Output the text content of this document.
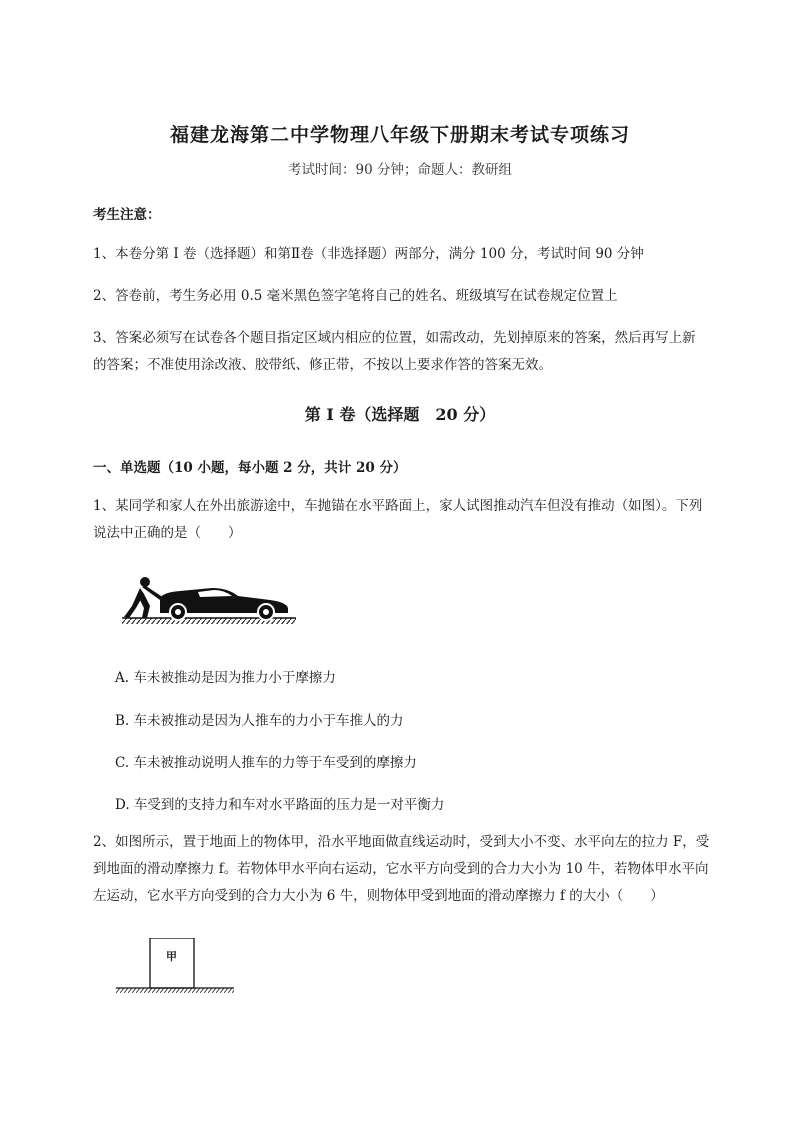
福建龙海第二中学物理八年级下册期末考试专项练习
考试时间：90 分钟；命题人：教研组
考生注意：
1、本卷分第 I 卷（选择题）和第Ⅱ卷（非选择题）两部分，满分 100 分，考试时间 90 分钟
2、答卷前，考生务必用 0.5 毫米黑色签字笔将自己的姓名、班级填写在试卷规定位置上
3、答案必须写在试卷各个题目指定区域内相应的位置，如需改动，先划掉原来的答案，然后再写上新的答案；不准使用涂改液、胶带纸、修正带，不按以上要求作答的答案无效。
第 I 卷（选择题　20 分）
一、单选题（10 小题，每小题 2 分，共计 20 分）
1、某同学和家人在外出旅游途中，车抛锚在水平路面上，家人试图推动汽车但没有推动（如图）。下列说法中正确的是（　　）
A. 车未被推动是因为推力小于摩擦力
B. 车未被推动是因为人推车的力小于车推人的力
C. 车未被推动说明人推车的力等于车受到的摩擦力
D. 车受到的支持力和车对水平路面的压力是一对平衡力
2、如图所示，置于地面上的物体甲，沿水平地面做直线运动时，受到大小不变、水平向左的拉力 F，受到地面的滑动摩擦力 f。若物体甲水平向右运动，它水平方向受到的合力大小为 10 牛，若物体甲水平向左运动，它水平方向受到的合力大小为 6 牛，则物体甲受到地面的滑动摩擦力 f 的大小（　　）
甲
